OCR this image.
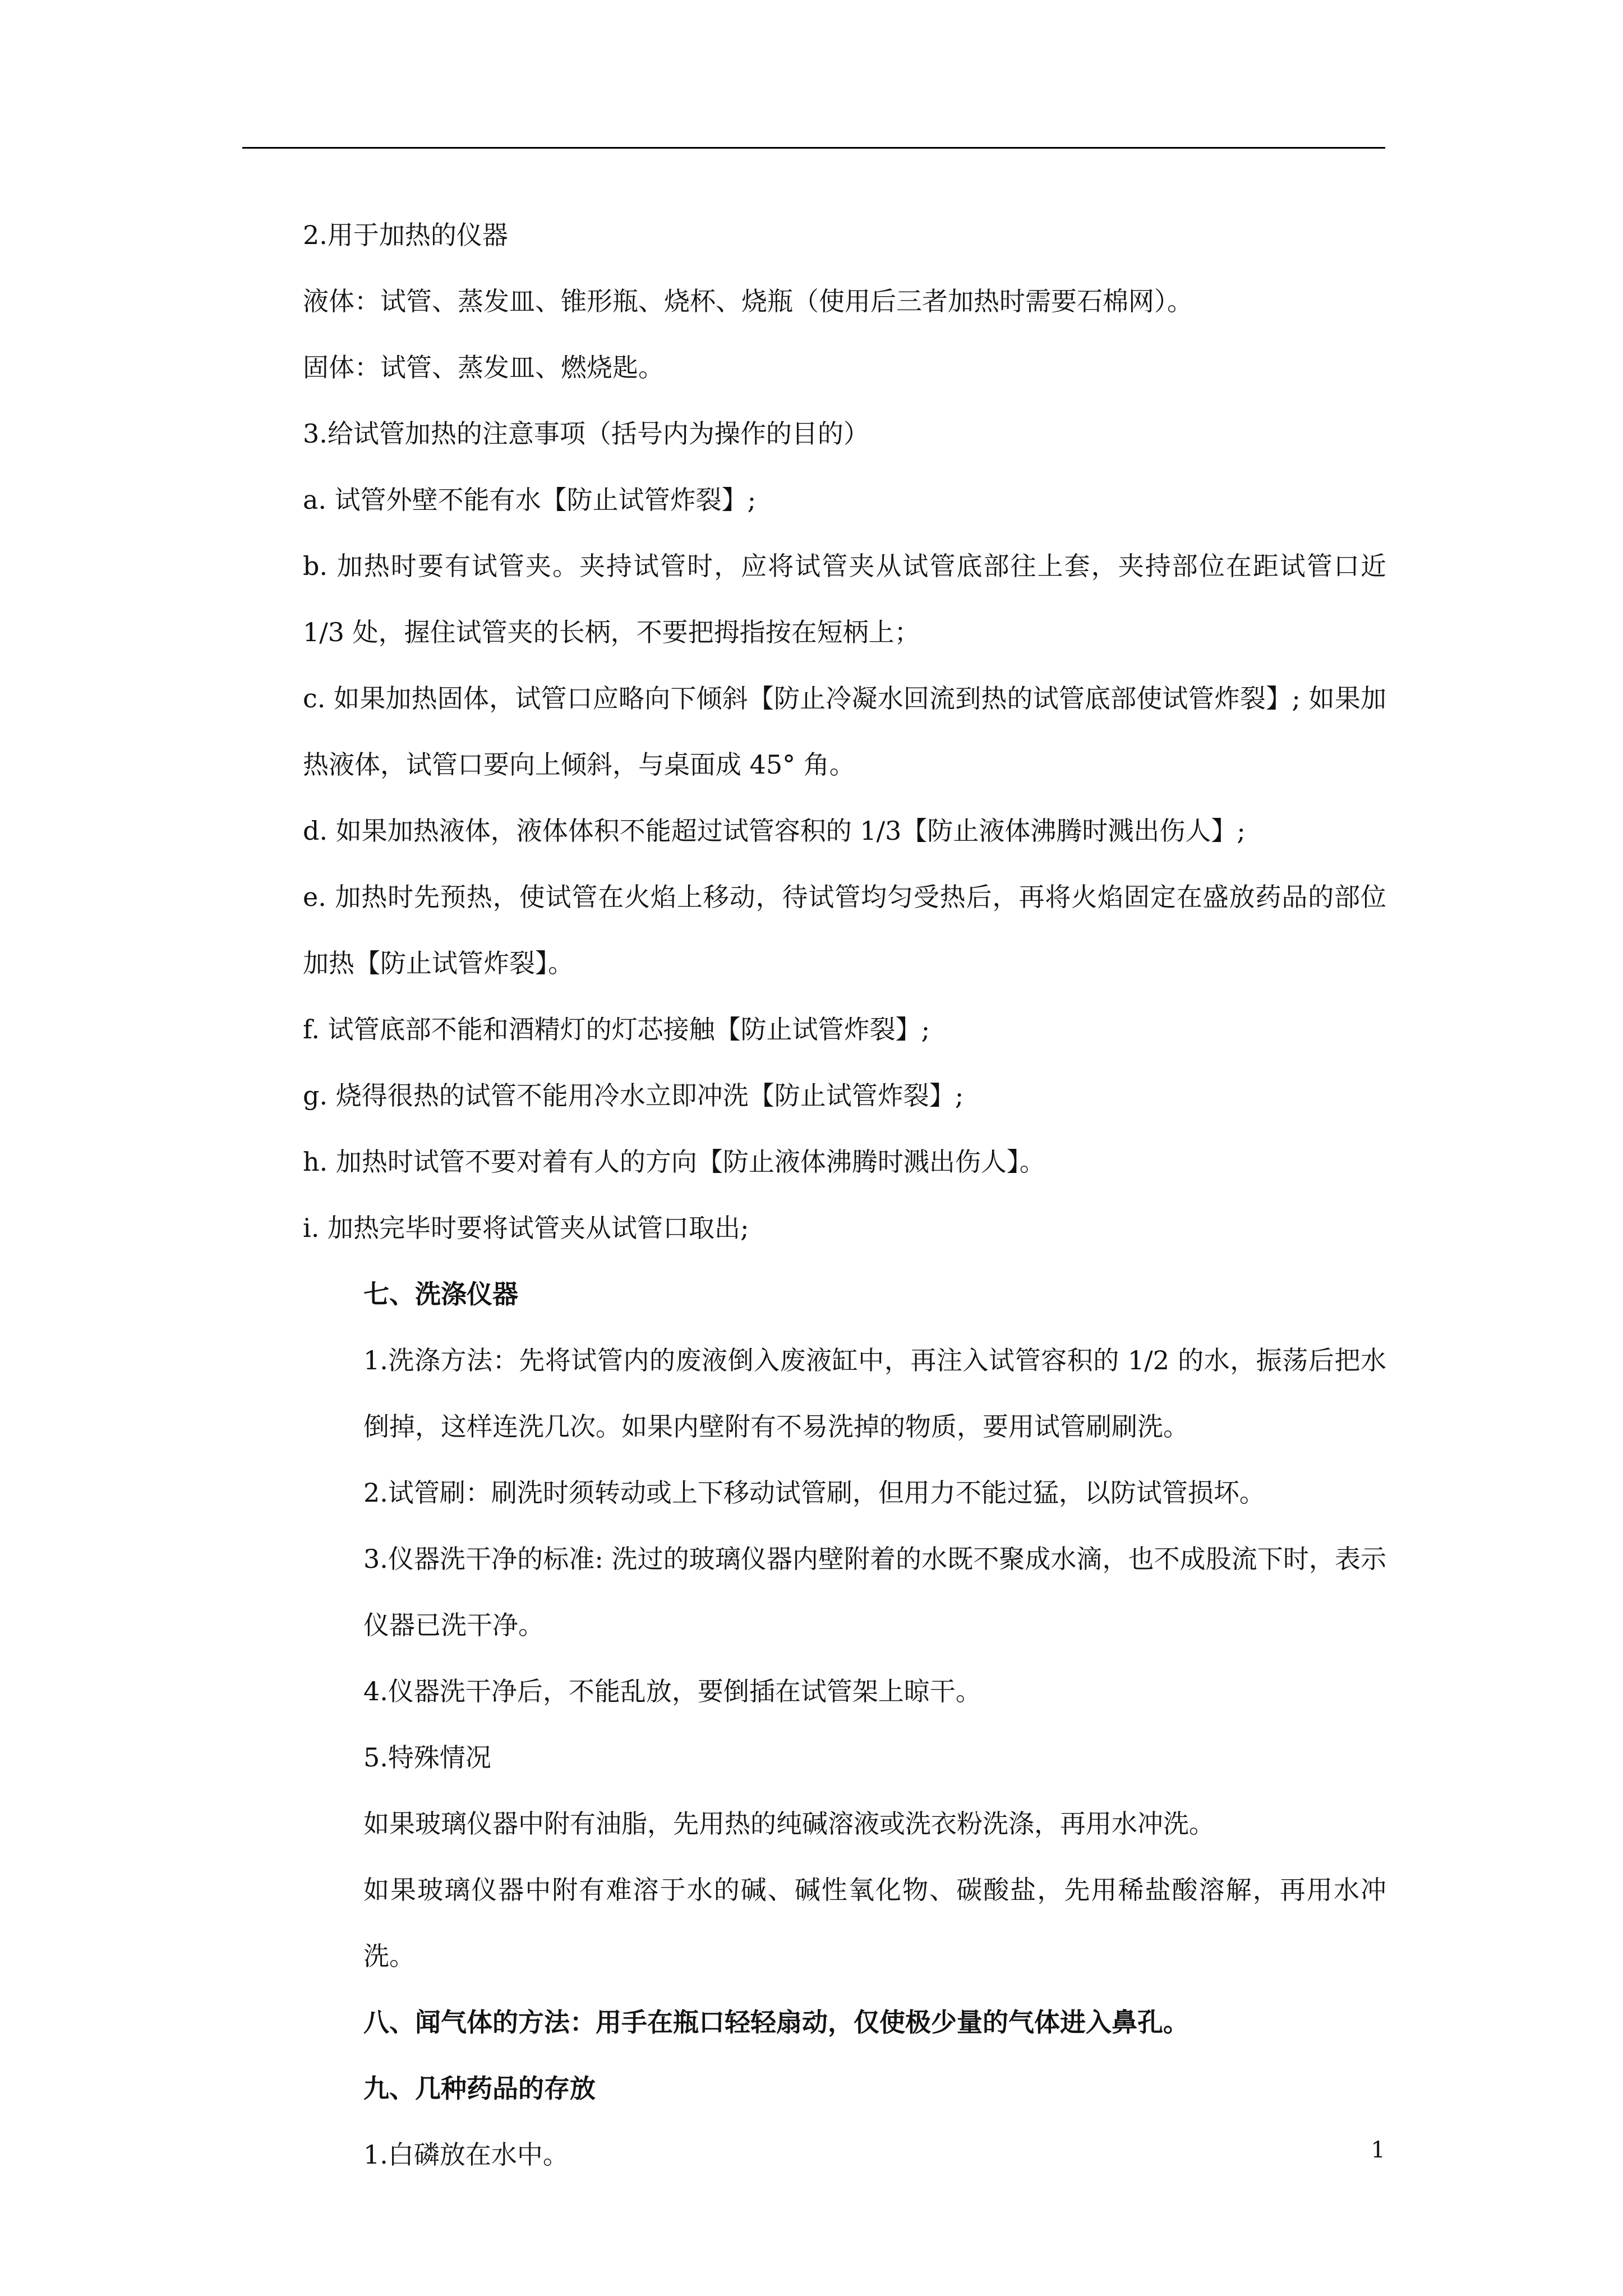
2.用于加热的仪器

液体：试管、蒸发皿、锥形瓶、烧杯、烧瓶（使用后三者加热时需要石棉网）。

固体：试管、蒸发皿、燃烧匙。

3.给试管加热的注意事项（括号内为操作的目的）

a. 试管外壁不能有水【防止试管炸裂】;

b. 加热时要有试管夹。夹持试管时，应将试管夹从试管底部往上套，夹持部位在距试管口近 1/3 处，握住试管夹的长柄，不要把拇指按在短柄上；

c. 如果加热固体，试管口应略向下倾斜【防止冷凝水回流到热的试管底部使试管炸裂】; 如果加热液体，试管口要向上倾斜，与桌面成 45° 角。

d. 如果加热液体，液体体积不能超过试管容积的 1/3【防止液体沸腾时溅出伤人】;

e. 加热时先预热，使试管在火焰上移动，待试管均匀受热后，再将火焰固定在盛放药品的部位加热【防止试管炸裂】。

f. 试管底部不能和酒精灯的灯芯接触【防止试管炸裂】;

g. 烧得很热的试管不能用冷水立即冲洗【防止试管炸裂】;

h. 加热时试管不要对着有人的方向【防止液体沸腾时溅出伤人】。

i. 加热完毕时要将试管夹从试管口取出;

七、洗涤仪器

1.洗涤方法：先将试管内的废液倒入废液缸中，再注入试管容积的 1/2 的水，振荡后把水倒掉，这样连洗几次。如果内壁附有不易洗掉的物质，要用试管刷刷洗。

2.试管刷：刷洗时须转动或上下移动试管刷，但用力不能过猛，以防试管损坏。

3.仪器洗干净的标准: 洗过的玻璃仪器内壁附着的水既不聚成水滴，也不成股流下时，表示仪器已洗干净。

4.仪器洗干净后，不能乱放，要倒插在试管架上晾干。

5.特殊情况

如果玻璃仪器中附有油脂，先用热的纯碱溶液或洗衣粉洗涤，再用水冲洗。

如果玻璃仪器中附有难溶于水的碱、碱性氧化物、碳酸盐，先用稀盐酸溶解，再用水冲洗。

八、闻气体的方法：用手在瓶口轻轻扇动，仅使极少量的气体进入鼻孔。

九、几种药品的存放

1.白磷放在水中。	1
